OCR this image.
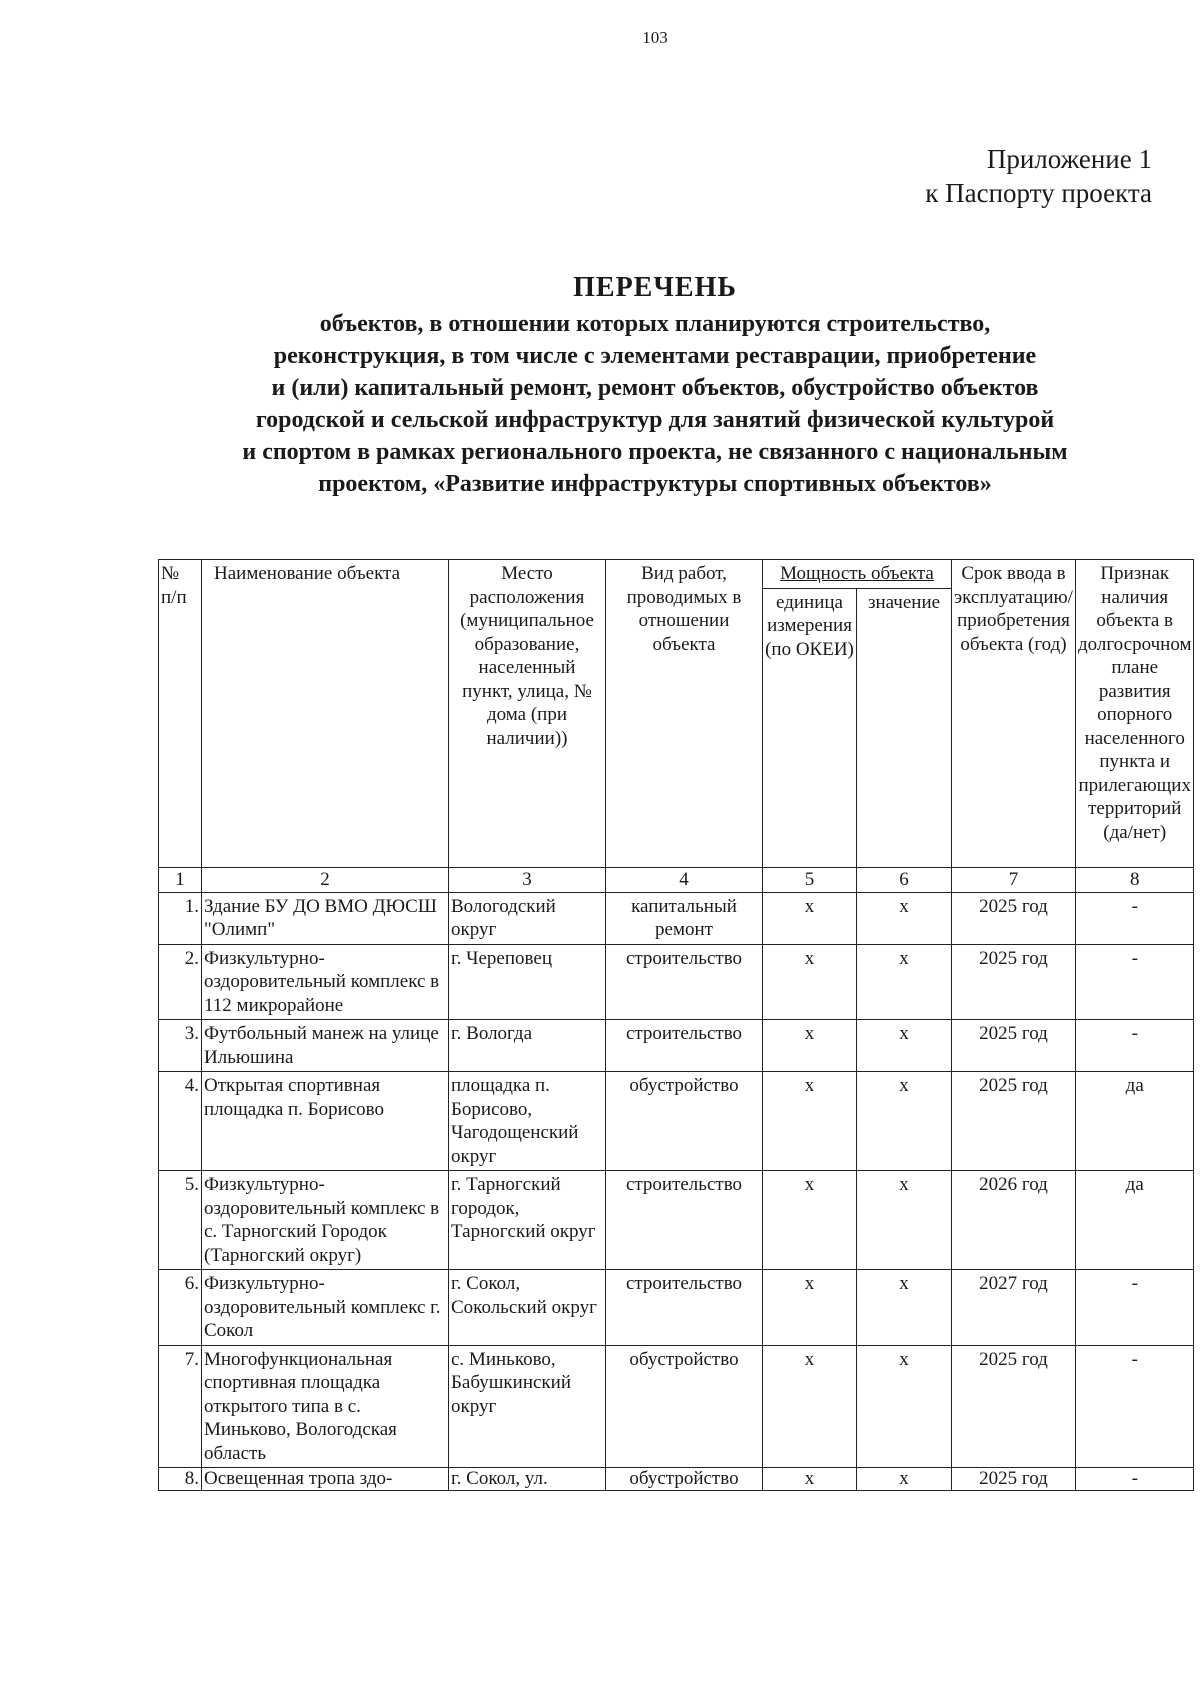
103
Приложение 1
к Паспорту проекта
ПЕРЕЧЕНЬ
объектов, в отношении которых планируются строительство,
реконструкция, в том числе с элементами реставрации, приобретение
и (или) капитальный ремонт, ремонт объектов, обустройство объектов
городской и сельской инфраструктур для занятий физической культурой
и спортом в рамках регионального проекта, не связанного с национальным
проектом, «Развитие инфраструктуры спортивных объектов»
№ п/п	Наименование объекта	Место расположения (муниципальное образование, населенный пункт, улица, № дома (при наличии))	Вид работ, проводимых в отношении объекта	Мощность объекта		Срок ввода в эксплуатацию/приобретения объекта (год)	Признак наличия объекта в долгосрочном плане развития опорного населенного пункта и прилегающих территорий (да/нет)
				единица измерения (по ОКЕИ)	значение		
1	2	3	4	5	6	7	8
1.	Здание БУ ДО ВМО ДЮСШ "Олимп"	Вологодский округ	капитальный ремонт	х	х	2025 год	-
2.	Физкультурно-оздоровительный комплекс в 112 микрорайоне	г. Череповец	строительство	х	х	2025 год	-
3.	Футбольный манеж на улице Ильюшина	г. Вологда	строительство	х	х	2025 год	-
4.	Открытая спортивная площадка п. Борисово	площадка п. Борисово, Чагодощенский округ	обустройство	х	х	2025 год	да
5.	Физкультурно-оздоровительный комплекс в с. Тарногский Городок (Тарногский округ)	г. Тарногский городок, Тарногский округ	строительство	х	х	2026 год	да
6.	Физкультурно-оздоровительный комплекс г. Сокол	г. Сокол, Сокольский округ	строительство	х	х	2027 год	-
7.	Многофункциональная спортивная площадка открытого типа в с. Миньково, Вологодская область	с. Миньково, Бабушкинский округ	обустройство	х	х	2025 год	-
8.	Освещенная тропа здо-	г. Сокол, ул.	обустройство	х	х	2025 год	-
